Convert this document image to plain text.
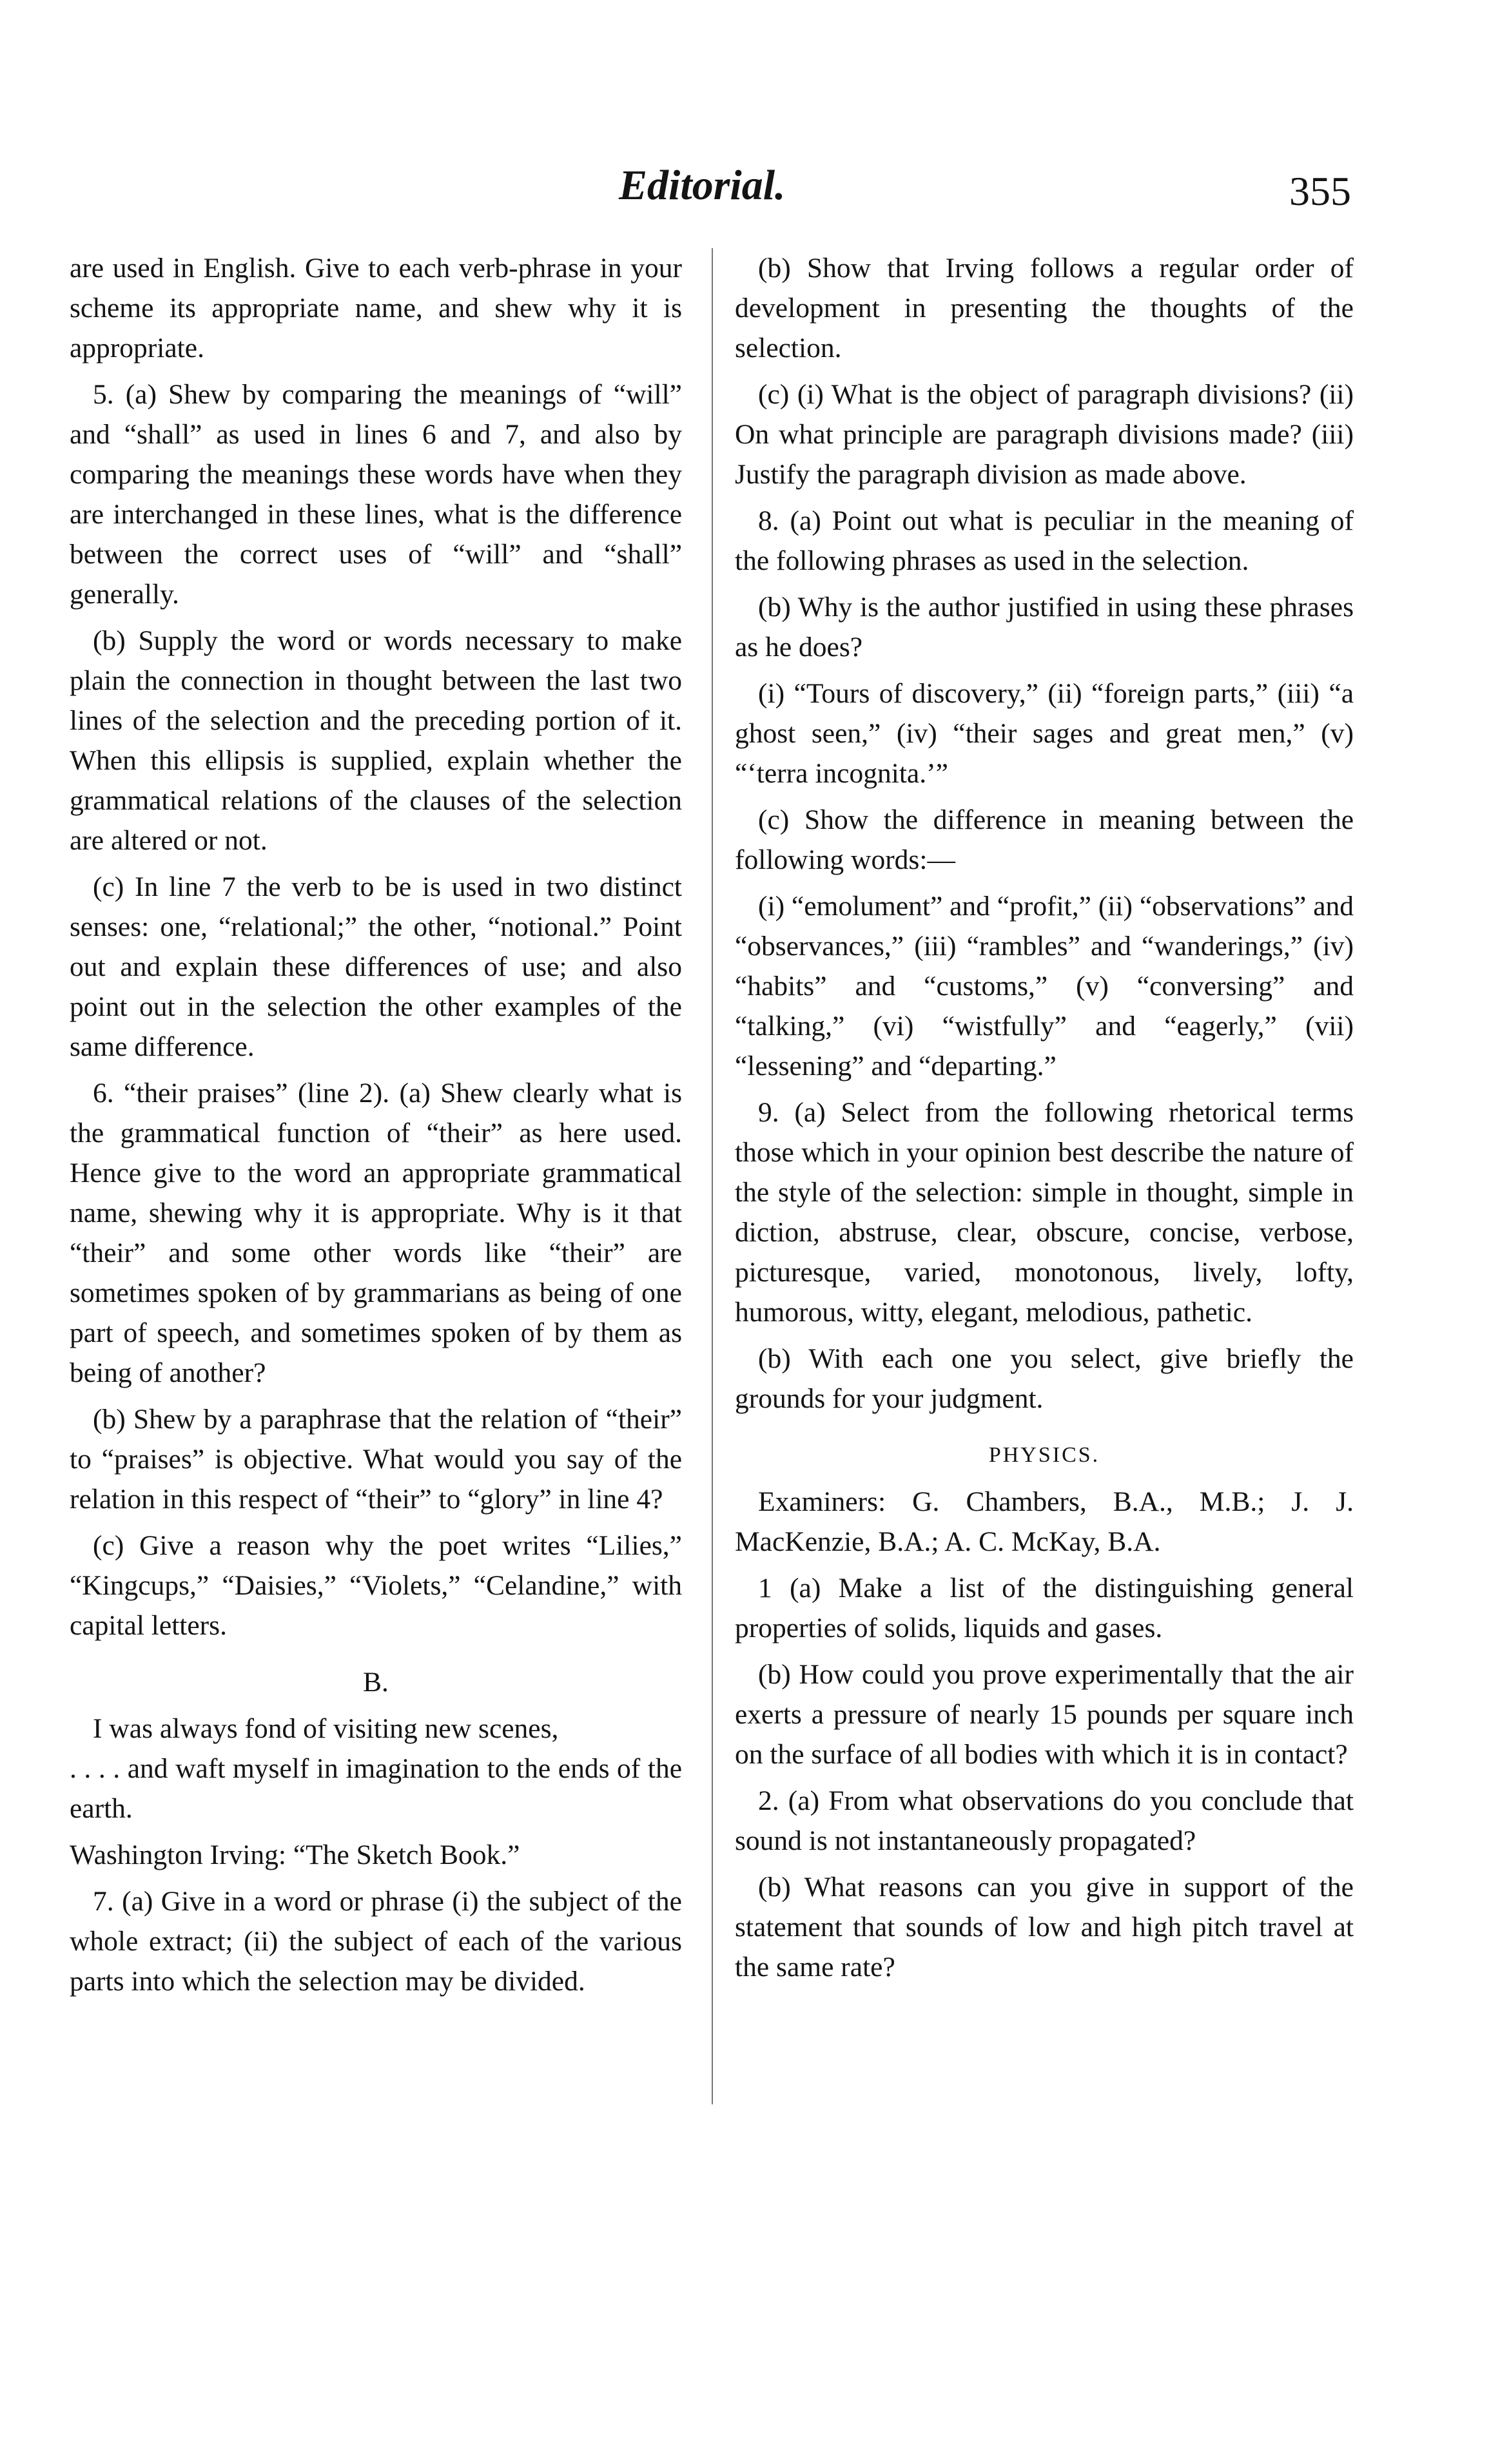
Editorial.	355

are used in English. Give to each verb-phrase in your scheme its appropriate name, and shew why it is appropriate.

5. (a) Shew by comparing the meanings of “will” and “shall” as used in lines 6 and 7, and also by comparing the meanings these words have when they are interchanged in these lines, what is the difference between the correct uses of “will” and “shall” generally.

(b) Supply the word or words necessary to make plain the connection in thought between the last two lines of the selection and the preceding portion of it. When this ellipsis is supplied, explain whether the grammatical relations of the clauses of the selection are altered or not.

(c) In line 7 the verb to be is used in two distinct senses: one, “relational;” the other, “notional.” Point out and explain these differences of use; and also point out in the selection the other examples of the same difference.

6. “their praises” (line 2). (a) Shew clearly what is the grammatical function of “their” as here used. Hence give to the word an appropriate grammatical name, shewing why it is appropriate. Why is it that “their” and some other words like “their” are sometimes spoken of by grammarians as being of one part of speech, and sometimes spoken of by them as being of another?

(b) Shew by a paraphrase that the relation of “their” to “praises” is objective. What would you say of the relation in this respect of “their” to “glory” in line 4?

(c) Give a reason why the poet writes “Lilies,” “Kingcups,” “Daisies,” “Violets,” “Celandine,” with capital letters.

B.

I was always fond of visiting new scenes,

. . . . and waft myself in imagination to the ends of the earth.

Washington Irving: “The Sketch Book.”

7. (a) Give in a word or phrase (i) the subject of the whole extract; (ii) the subject of each of the various parts into which the selection may be divided.

(b) Show that Irving follows a regular order of development in presenting the thoughts of the selection.

(c) (i) What is the object of paragraph divisions? (ii) On what principle are paragraph divisions made? (iii) Justify the paragraph division as made above.

8. (a) Point out what is peculiar in the meaning of the following phrases as used in the selection.

(b) Why is the author justified in using these phrases as he does?

(i) “Tours of discovery,” (ii) “foreign parts,” (iii) “a ghost seen,” (iv) “their sages and great men,” (v) “‘terra incognita.’”

(c) Show the difference in meaning between the following words:—

(i) “emolument” and “profit,” (ii) “observations” and “observances,” (iii) “rambles” and “wanderings,” (iv) “habits” and “customs,” (v) “conversing” and “talking,” (vi) “wistfully” and “eagerly,” (vii) “lessening” and “departing.”

9. (a) Select from the following rhetorical terms those which in your opinion best describe the nature of the style of the selection: simple in thought, simple in diction, abstruse, clear, obscure, concise, verbose, picturesque, varied, monotonous, lively, lofty, humorous, witty, elegant, melodious, pathetic.

(b) With each one you select, give briefly the grounds for your judgment.

PHYSICS.

Examiners: G. Chambers, B.A., M.B.; J. J. MacKenzie, B.A.; A. C. McKay, B.A.

1 (a) Make a list of the distinguishing general properties of solids, liquids and gases.

(b) How could you prove experimentally that the air exerts a pressure of nearly 15 pounds per square inch on the surface of all bodies with which it is in contact?

2. (a) From what observations do you conclude that sound is not instantaneously propagated?

(b) What reasons can you give in support of the statement that sounds of low and high pitch travel at the same rate?
